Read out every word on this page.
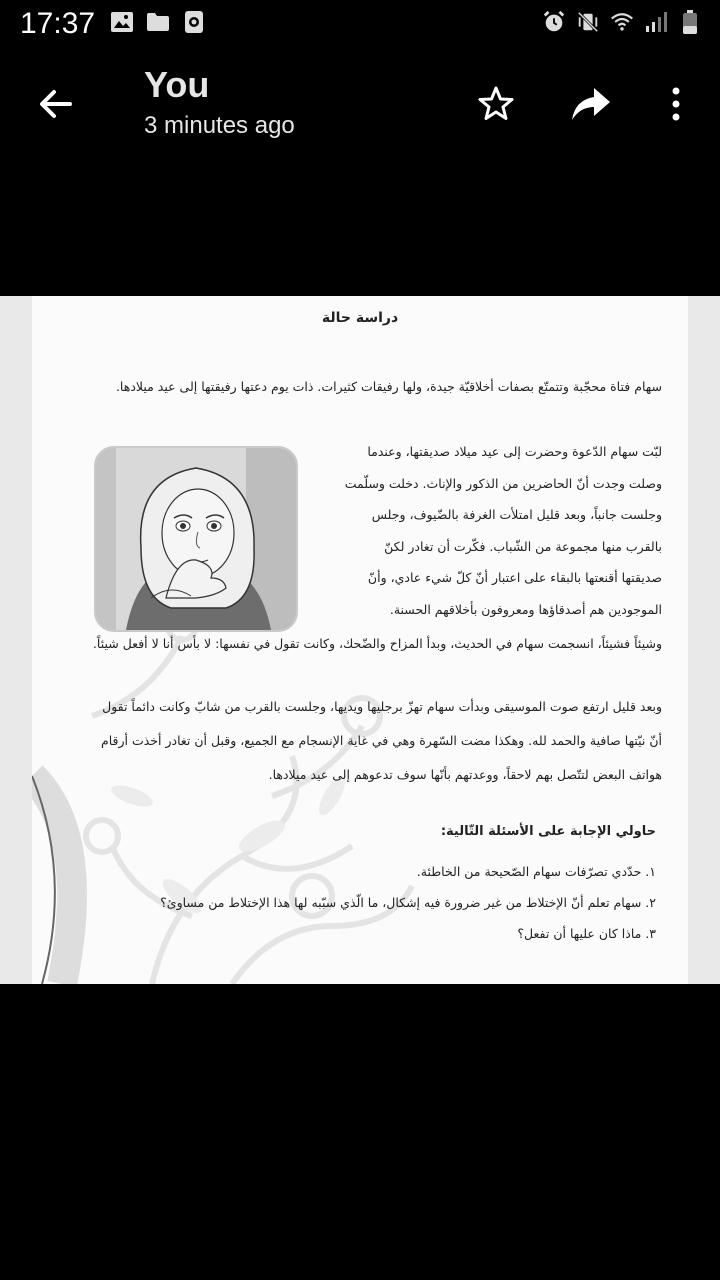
17:37
You
3 minutes ago
دراسة حالة
سهام فتاة محجّبة وتتمتّع بصفات أخلاقيّة جيدة، ولها رفيقات كثيرات. ذات يوم دعتها رفيقتها إلى عيد ميلادها.
لبّت سهام الدّعوة وحضرت إلى عيد ميلاد صديقتها، وعندما وصلت وجدت أنّ الحاضرين من الذكور والإناث. دخلت وسلّمت وجلست جانباً، وبعد قليل امتلأت الغرفة بالضّيوف، وجلس بالقرب منها مجموعة من الشّباب. فكّرت أن تغادر لكنّ صديقتها أقنعتها بالبقاء على اعتبار أنّ كلّ شيء عادي، وأنّ الموجودين هم أصدقاؤها ومعروفون بأخلاقهم الحسنة.
وشيئاً فشيئاً، انسجمت سهام في الحديث، وبدأ المزاح والضّحك، وكانت تقول في نفسها: لا بأس أنا لا أفعل شيئاً.
وبعد قليل ارتفع صوت الموسيقى وبدأت سهام تهزّ برجليها ويديها، وجلست بالقرب من شابّ وكانت دائماً تقول أنّ نيّتها صافية والحمد لله. وهكذا مضت السّهرة وهي في غاية الإنسجام مع الجميع، وقبل أن تغادر أخذت أرقام هواتف البعض لتتّصل بهم لاحقاً، ووعدتهم بأنّها سوف تدعوهم إلى عيد ميلادها.
حاولي الإجابة على الأسئلة التّالية:
١. حدّدي تصرّفات سهام الصّحيحة من الخاطئة.
٢. سهام تعلم أنّ الإختلاط من غير ضرورة فيه إشكال، ما الّذي سبّبه لها هذا الإختلاط من مساوئ؟
٣. ماذا كان عليها أن تفعل؟
